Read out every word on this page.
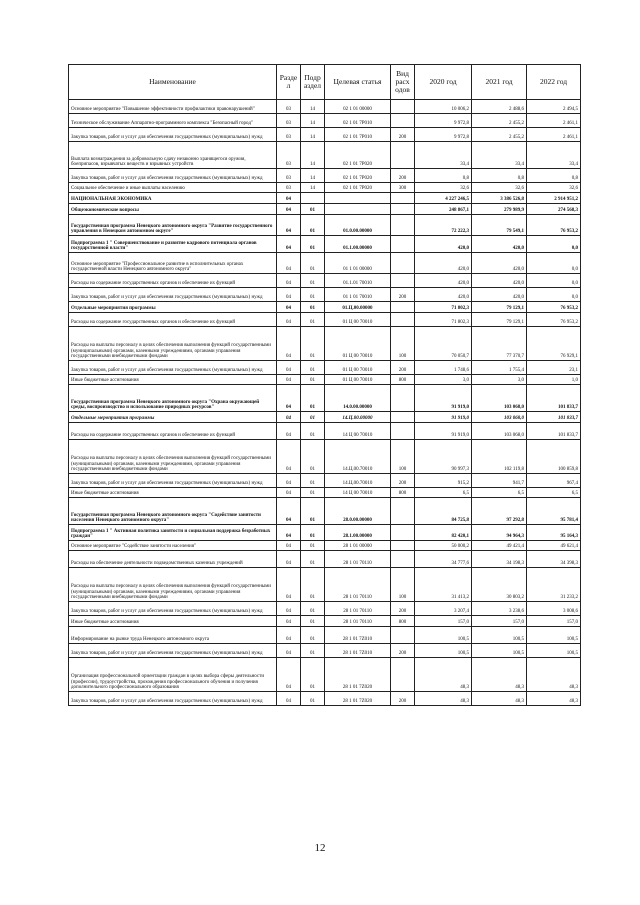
Наименование	Разде л	Подр аздел	Целевая статья	Вид расх одов	2020 год	2021 год	2022 год
Основное мероприятие "Повышение эффективности профилактики правонарушений"	03	14	02 1 01 00000		10 006,2	2 488,6	2 494,5
Техническое обслуживание Аппаратно-программного комплекса "Безопасный город"	03	14	02 1 01 7Р010		9 972,8	2 455,2	2 461,1
Закупка товаров, работ и услуг для обеспечения государственных (муниципальных) нужд	03	14	02 1 01 7Р010	200	9 972,8	2 455,2	2 461,1
Выплата вознаграждения за добровольную сдачу незаконно хранящегося оружия, боеприпасов, взрывчатых веществ и взрывных устройств	03	14	02 1 01 7Р020		33,4	33,4	33,4
Закупка товаров, работ и услуг для обеспечения государственных (муниципальных) нужд	03	14	02 1 01 7Р020	200	0,8	0,8	0,8
Социальное обеспечение и иные выплаты населению	03	14	02 1 01 7Р020	300	32,6	32,6	32,6
НАЦИОНАЛЬНАЯ ЭКОНОМИКА	04				4 227 246,5	3 386 526,8	2 914 951,2
Общеэкономические вопросы	04	01			248 867,1	279 989,9	274 568,3
Государственная программа Ненецкого автономного округа "Развитие государственного управления в Ненецком автономном округе"	04	01	01.0.00.00000		72 222,3	79 549,1	76 953,2
Подпрограмма 1 " Совершенствование и развитие кадрового потенциала органов государственной власти"	04	01	01.1.00.00000		420,0	420,0	0,0
Основное мероприятие "Профессиональное развитие в исполнительных органах государственной власти Ненецкого автономного округа"	04	01	01 1 01 00000		420,0	420,0	0,0
Расходы на содержание государственных органов и обеспечение их функций	04	01	01.1.01 70010		420,0	420,0	0,0
Закупка товаров, работ и услуг для обеспечения государственных (муниципальных) нужд	04	01	01 1 01 70010	200	420,0	420,0	0,0
Отдельные мероприятия программы	04	01	01.Ц.00.00000		71 802,3	79 129,1	76 953,2
Расходы на содержание государственных органов и обеспечение их функций	04	01	01 Ц 00 70010		71 802,3	79 129,1	76 953,2
Расходы на выплаты персоналу в целях обеспечения выполнения функций государственными (муниципальными) органами, казенными учреждениями, органами управления государственными внебюджетными фондами	04	01	01 Ц 00 70010	100	70 050,7	77 370,7	76 929,1
Закупка товаров, работ и услуг для обеспечения государственных (муниципальных) нужд	04	01	01 Ц 00 70010	200	1 748,6	1 755,4	23,1
Иные бюджетные ассигнования	04	01	01 Ц 00 70010	800	3,0	3,0	1,0
Государственная программа Ненецкого автономного округа "Охрана окружающей среды, воспроизводство и использование природных ресурсов"	04	01	14.0.00.00000		91 919,0	103 068,0	101 833,7
Отдельные мероприятия программы	04	01	14.Ц.00.00000		91 919,0	103 068,0	101 833,7
Расходы на содержание государственных органов и обеспечение их функций	04	01	14 Ц 00 70010		91 919,0	103 068,0	101 833,7
Расходы на выплаты персоналу в целях обеспечения выполнения функций государственными (муниципальными) органами, казенными учреждениями, органами управления государственными внебюджетными фондами	04	01	14.Ц.00.70010	100	90 997,3	102 119,8	100 859,8
Закупка товаров, работ и услуг для обеспечения государственных (муниципальных) нужд	04	01	14.Ц.00.70010	200	915,2	941,7	967,4
Иные бюджетные ассигнования	04	01	14 Ц 00 70010	800	6,5	6,5	6,5
Государственная программа Ненецкого автономного округа "Содействие занятости населения Ненецкого автономного округа"	04	01	28.0.00.00000		84 725,8	97 292,8	95 781,4
Подпрограмма 1 " Активная политика занятости и социальная поддержка безработных граждан"	04	01	28.1.00.00000		82 420,1	94 964,3	95 164,3
Основное мероприятие "Содействие занятости населения"	04	01	28 1 01 00000		50 000,2	49 421,4	49 621,4
Расходы на обеспечение деятельности подведомственных казенных учреждений	04	01	28 1 01 70110		34 777,6	34 198,3	34 398,3
Расходы на выплаты персоналу в целях обеспечения выполнения функций государственными (муниципальными) органами, казенными учреждениями, органами управления государственными внебюджетными фондами	04	01	28 1 01 70110	100	31 413,2	30 803,2	31 233,2
Закупка товаров, работ и услуг для обеспечения государственных (муниципальных) нужд	04	01	28 1 01 70110	200	3 207,4	3 238,6	3 008,6
Иные бюджетные ассигнования	04	01	28 1 01 70110	800	157,0	157,0	157,0
Информирование на рынке труда Ненецкого автономного округа	04	01	28 1 01 7Z010		100,5	100,5	100,5
Закупка товаров, работ и услуг для обеспечения государственных (муниципальных) нужд	04	01	28 1 01 7Z010	200	100,5	100,5	100,5
Организация профессиональной ориентации граждан в целях выбора сферы деятельности (профессии), трудоустройства, прохождения профессионального обучения и получения дополнительного профессионального образования	04	01	28 1 01 7Z020		48,3	48,3	48,3
Закупка товаров, работ и услуг для обеспечения государственных (муниципальных) нужд	04	01	28 1 01 7Z020	200	48,3	48,3	48,3
12
